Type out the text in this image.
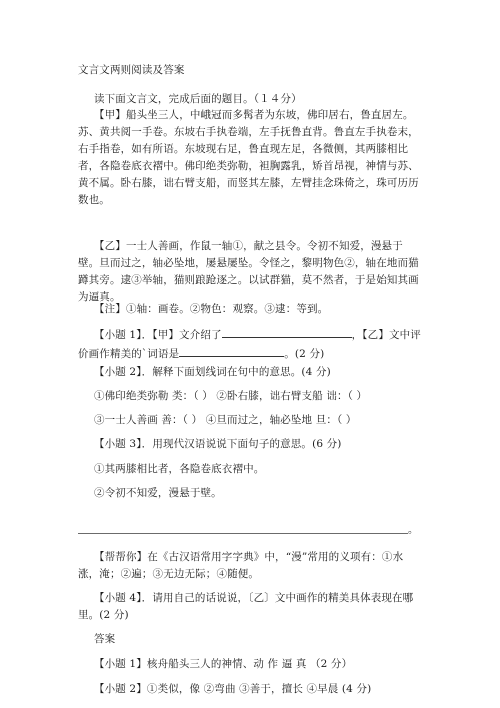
文言文两则阅读及答案

读下面文言文，完成后面的题目。（１４分）

【甲】船头坐三人，中峨冠而多髯者为东坡，佛印居右，鲁直居左。苏、黄共阅一手卷。东坡右手执卷端，左手抚鲁直背。鲁直左手执卷末，右手指卷，如有所语。东坡现右足，鲁直现左足，各微侧，其两膝相比者，各隐卷底衣褶中。佛印绝类弥勒，袒胸露乳，矫首昂视，神情与苏、黄不属。卧右膝，诎右臂支船，而竖其左膝，左臂挂念珠倚之，珠可历历数也。

【乙】一士人善画，作鼠一轴①，献之县令。令初不知爱，漫悬于壁。旦而过之，轴必坠地，屡悬屡坠。令怪之，黎明物色②，轴在地而猫蹲其旁。逮③举轴，猫则踉跄逐之。以试群猫，莫不然者，于是始知其画为逼真。

【注】①轴：画卷。②物色：观察。③逮：等到。

【小题 1】．【甲】文介绍了	，【乙】文中评价画作精美的`词语是	。(2 分)

【小题 2】．解释下面划线词在句中的意思。(4 分)

①佛印绝类弥勒 类：（ ） ②卧右膝，诎右臂支船 诎：（ ）

③一士人善画 善：（ ） ④旦而过之，轴必坠地 旦：（ ）

【小题 3】．用现代汉语说说下面句子的意思。(6 分)

①其两膝相比者，各隐卷底衣褶中。

②令初不知爱，漫悬于壁。

。

【帮帮你】在《古汉语常用字字典》中，“漫”常用的义项有：①水涨，淹；②遍；③无边无际；④随便。

【小题 4】．请用自己的话说说，〔乙〕文中画作的精美具体表现在哪里。(2 分)

答案

【小题 1】核舟船头三人的神情、动 作 逼 真 （2 分）

【小题 2】①类似，像 ②弯曲 ③善于，擅长 ④早晨 (4 分)
